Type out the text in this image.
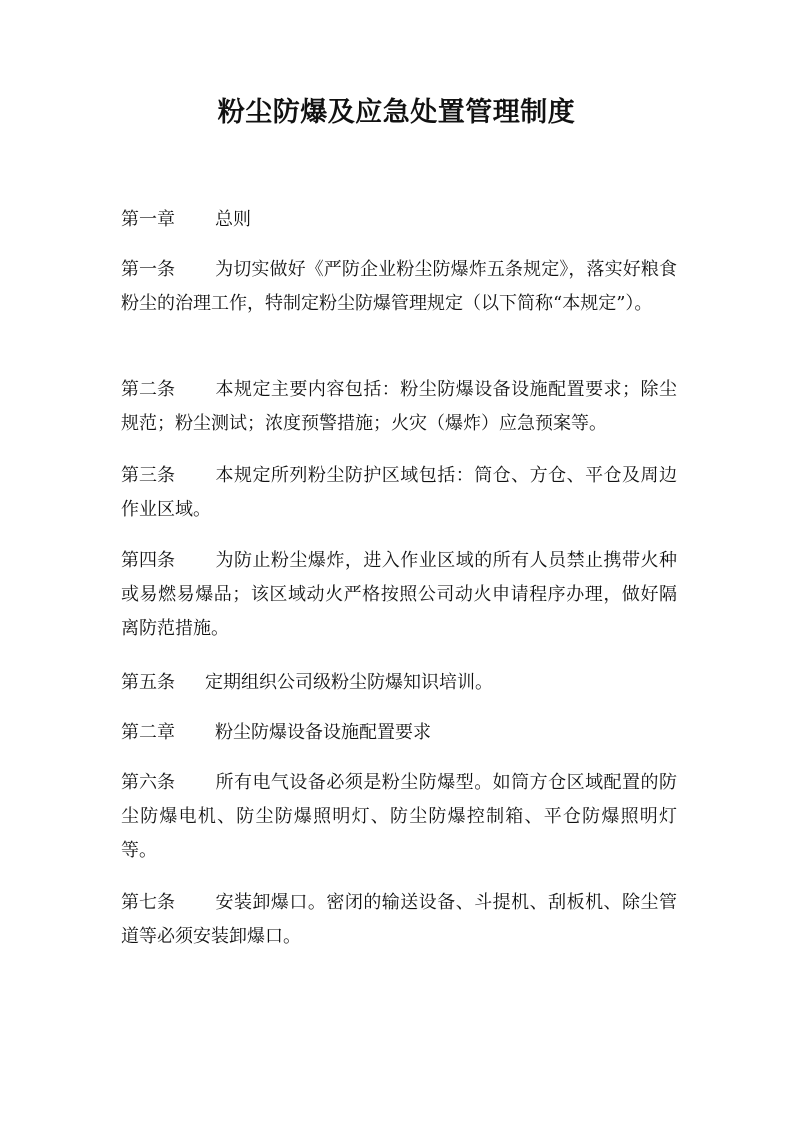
粉尘防爆及应急处置管理制度

第一章 总则

第一条 为切实做好《严防企业粉尘防爆炸五条规定》，落实好粮食粉尘的治理工作，特制定粉尘防爆管理规定（以下简称“本规定”）。

第二条 本规定主要内容包括：粉尘防爆设备设施配置要求；除尘规范；粉尘测试；浓度预警措施；火灾（爆炸）应急预案等。

第三条 本规定所列粉尘防护区域包括：筒仓、方仓、平仓及周边作业区域。

第四条 为防止粉尘爆炸，进入作业区域的所有人员禁止携带火种或易燃易爆品；该区域动火严格按照公司动火申请程序办理，做好隔离防范措施。

第五条 定期组织公司级粉尘防爆知识培训。

第二章 粉尘防爆设备设施配置要求

第六条 所有电气设备必须是粉尘防爆型。如筒方仓区域配置的防尘防爆电机、防尘防爆照明灯、防尘防爆控制箱、平仓防爆照明灯等。

第七条 安装卸爆口。密闭的输送设备、斗提机、刮板机、除尘管道等必须安装卸爆口。
